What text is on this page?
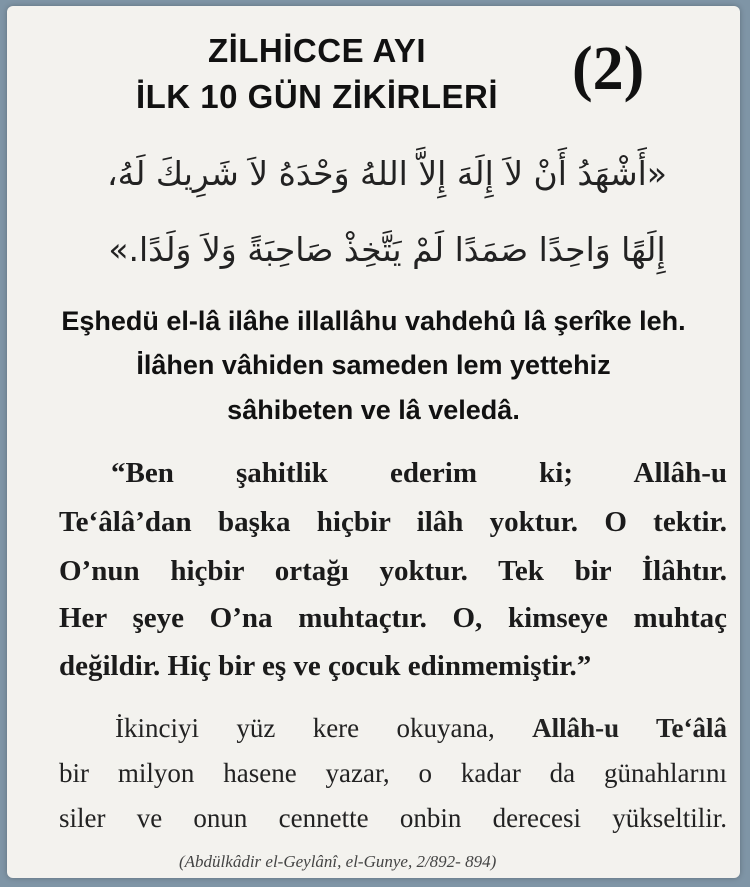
ZİLHİCCE AYI
İLK 10 GÜN ZİKİRLERİ	(2)
«أَشْهَدُ أَنْ لاَ إِلَهَ إِلاَّ اللهُ وَحْدَهُ لاَ شَرِيكَ لَهُ،
إِلَهًا وَاحِدًا صَمَدًا لَمْ يَتَّخِذْ صَاحِبَةً وَلاَ وَلَدًا.»
Eşhedü el-lâ ilâhe illallâhu vahdehû lâ şerîke leh.
İlâhen vâhiden sameden lem yettehiz
sâhibeten ve lâ veledâ.
“Ben şahitlik ederim ki; Allâh-u
Te‘âlâ’dan başka hiçbir ilâh yoktur. O tektir.
O’nun hiçbir ortağı yoktur. Tek bir İlâhtır.
Her şeye O’na muhtaçtır. O, kimseye muhtaç
değildir. Hiç bir eş ve çocuk edinmemiştir.”
İkinciyi yüz kere okuyana, Allâh-u Te‘âlâ
bir milyon hasene yazar, o kadar da günahlarını
siler ve onun cennette onbin derecesi yükseltilir.
(Abdülkâdir el-Geylânî, el-Gunye, 2/892- 894)
